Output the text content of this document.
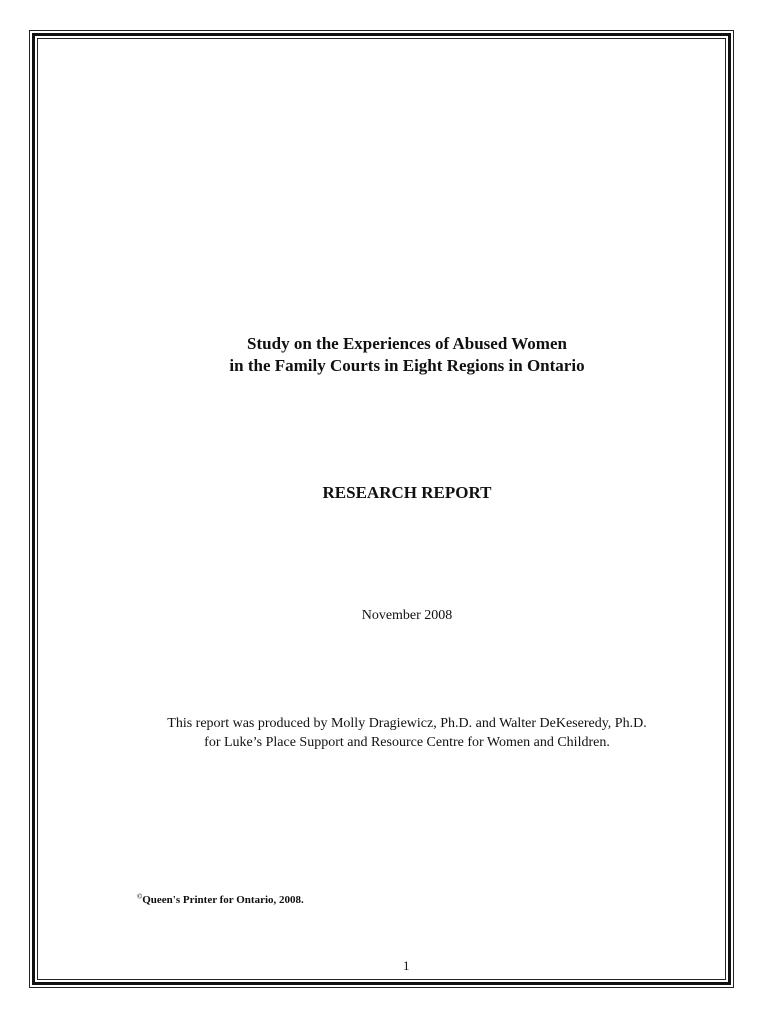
Study on the Experiences of Abused Women
in the Family Courts in Eight Regions in Ontario
RESEARCH REPORT
November 2008
This report was produced by Molly Dragiewicz, Ph.D. and Walter DeKeseredy, Ph.D.
for Luke’s Place Support and Resource Centre for Women and Children.
©Queen's Printer for Ontario, 2008.
1
